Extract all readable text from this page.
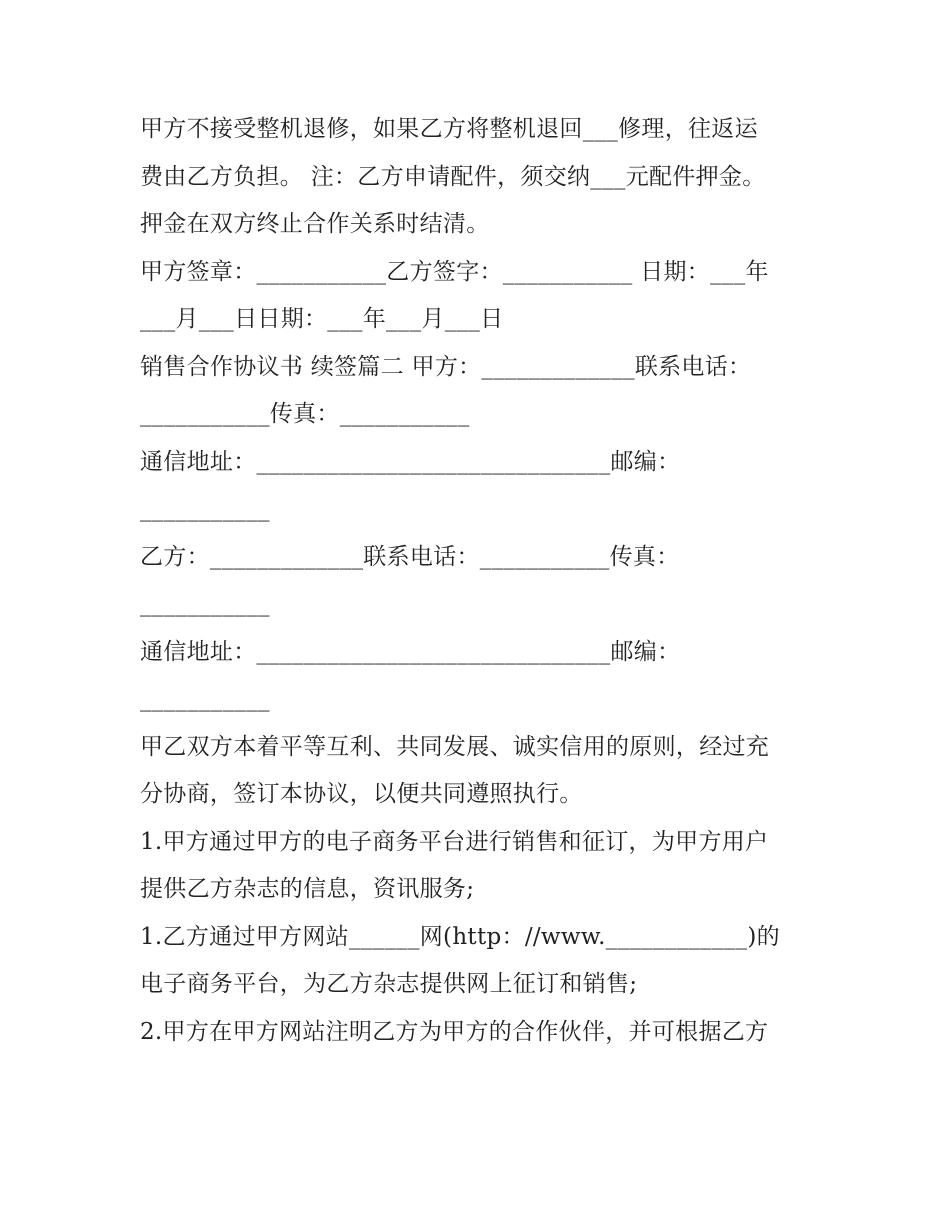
甲方不接受整机退修，如果乙方将整机退回___修理，往返运
费由乙方负担。 注：乙方申请配件，须交纳___元配件押金。
押金在双方终止合作关系时结清。
甲方签章：___________乙方签字：___________ 日期：___年
___月___日日期：___年___月___日
销售合作协议书 续签篇二 甲方：_____________联系电话：
___________传真：___________
通信地址：______________________________邮编：
___________
乙方：_____________联系电话：___________传真：
___________
通信地址：______________________________邮编：
___________
甲乙双方本着平等互利、共同发展、诚实信用的原则，经过充
分协商，签订本协议，以便共同遵照执行。
1.甲方通过甲方的电子商务平台进行销售和征订，为甲方用户
提供乙方杂志的信息，资讯服务;
1.乙方通过甲方网站______网(http：//www.____________)的
电子商务平台，为乙方杂志提供网上征订和销售;
2.甲方在甲方网站注明乙方为甲方的合作伙伴，并可根据乙方
